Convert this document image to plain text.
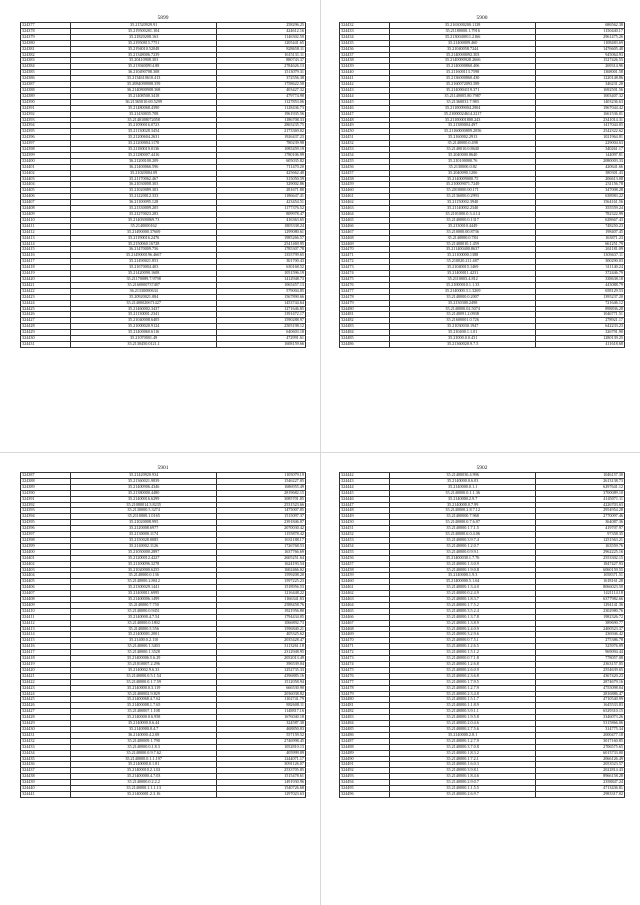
5899
324377	35.21520929.91	258296.25
324378	35.219500201.104	424612.16
324379	35.21820208.163	1146302.50
324380	35.21950815.7751	1205441.65
324381	35.2194010.52048	828658.11
324382	35.21348006.7239	1615131.11
324383	35.20410908.303	880743.37
324384	35.2139400914.88	2784626.13
324385	36.210490708.308	1513079.31
324386	35.2134610610.413	372556.38
324387	35.2084090908.359	1758622.50
324388	36.2140800908.368	403427.32
324389	35.21408500.3418	479774.98
324390	36.21365010.69.5299	1127853.06
324391	35.21480068.4390	1128436.73
324392	35.21430035.708	1961935.56
324393	35.2140108072058	1186708.33
324394	35.21090016.0723	2865235.75
324395	35.21130028.3454	2173369.02
324396	35.21200604.2631	1926437.23
324397	35.21200004.1170	780239.98
324398	35.21180019.0136	1085459.19
324399	35.21280007.4416	1780106.99
324400	36.21200100.209	605035.82
324401	36.21400066.596	711470.20
324402	35.21020004.09	425662.40
324403	35.21170062.467	315050.59
324404	36.21030008.303	329002.86
324405	35.21020089.303	281671.80
324406	35.21220012.333	1186647.41
324407	36.21100095.128	423454.51
324408	35.21330009.205	1177376.52
324409	35.21270023.283	809978.47
324410	35.2140300069.73	416363.65
324411	35.2140000162	1805338.24
324412	35.21490000.37669	1299080.61
324413	35.21190016.2476	1985266.57
324414	35.2150060.16728	2541469.95
324415	36.21470009.756	1785307.78
324416	35.2149000196.4667	1355799.65
324417	35.21490021.853	301700.43
324418	35.21670004.403	630168.52
324419	35.21420090.1608	1051596.19
324420	35.21170089.7.9798	1412948.73
324421	35.2160000737487	1065457.13
324422	36.21330000634	579004.85
324423	35.20920021.084	1567890.66
324424	35.21400020671427	1453744.64
324425	35.21460002.3437	1271646.85
324426	35.21130001.2341	1391472.17
324427	35.21040008.6405	1590288.97
324428	35.21000020.9124	2505198.12
324429	35.21400060.6116	640603.18
324430	35.21070001.49	472991.61
324431	35.2130450.0121.1	1608159.66
5900
324432	35.2163000200.1138	686562.38
324433	35.21180000.1.7916	1150440.17
324434	35.2130040011.2166	2961475.26
324435	35.21400009.460	1108483.69
324436	35.21040058.7244	1476605.48
324437	35.2140000092.303	945064.93
324438	35.2140090928.2666	1527426.55
324439	35.2140000860.406	269314.96
324440	35.211600113.7598	1368001.58
324441	35.2136000860.430	1220148.86
324442	35.2160072093.589	346231.20
324443	35.2140004119.371	1692501.56
324444	35.21140005.80.7987	1003407.32
324445	35.21360031.7.983	1403236.63
324446	35.2110009004.2904	1967044.42
324447	35.21000024614.2217	1661536.01
324448	35.21100001800.243	2341014.31
324449	35.21380004.497	1417044.05
324450	35.21160000809.2056	2542322.62
324451	35.2160002.2913	1021964.81
324452	35.2140000.0.498	229004.63
324453	35.2140010.0.8640	340261.17
324454	35.2040000.8640	144097.81
324455	35.210100000.76	2080003.33
324456	35.2130000.0.82	420641.66
324457	35.2040090.1206	380301.43
324458	35.2140009000.75	206613.08
324459	35.210009071.7249	231156.78
324460	35.2010000.00.171	347008.28
324461	35.2136000.0.2993	638983.22
324462	35.21150002.3940	1564161.56
324463	35.21140002.2340	355559.24
324464	35.2101000.0.3.4.14	782322.99
324465	35.2140000.0.1317	628667.43
324466	35.2130010.4449	748250.23
324467	35.210000.00.8736	198407.45
324468	35.2140000.0.784	163871.23
324469	35.21400010.1.459	661251.79
324470	35.211400400.8637	261181.09
324471	35.21100000.1388	1303637.11
324472	35.210020.211.487	300290.03
324473	35.21040015.1469	311140.24
324474	35.21400011.4231	372446.79
324475	35.2110003.4.812	338638.18
324476	35.21000010.1.1.33	443088.79
324477	35.2140000.3.1.3269	658129.53
324478	35.2140000.0.2007	1395237.20
324479	35.2130300.2498	721646.12
324480	35.2140000.02.5074	898836.28
324481	35.2140091.2.0938	1046771.51
324482	35.21600001.0.726	278921.17
324483	35.21030030.1947	642233.23
324484	35.210400.1.1.01	326791.90
324485	35.21000.0.0.431	1280139.25
324486	35.21360020.9.7.5	411618.68
5901
324387	35.21420920.934	1105079.19
324388	35.21360021.9839	1546227.05
324389	35.21400906.4346	1686955.49
324390	35.21380000.4480	2819682.15
324391	35.21400016.6299	3085701.85
324392	35.21080014.3.8235	2531523.66
324393	35.2130000.5.3274	1475007.85
324394	35.2110000.1.0165	1515097.37
324395	35.21020008.995	2391846.07
324396	35.2120008.6977	2070030.42
324397	35.2130000.1174	1155878.42
324398	35.2150028.0085	1631188.17
324399	35.2140002.1126	1726768.53
324400	35.21050000.2897	1637766.69
324401	35.21200012.4227	2605251.64
324402	35.21100096.3278	1624193.54
324403	35.21020000.6255	1602466.02
324404	35.2140000.0.136	1599208.20
324405	35.2140000.2.8612	1597225.23
324406	35.21300029.1441	1518956.53
324407	35.21400011.6995	1216448.22
324408	35.21400006.1499	1166341.83
324409	35.2140000.7.750	2588458.76
324410	35.2140000.0.9451	1921956.80
324411	35.2140000.4.7.54	1794434.05
324412	35.2140000.0.1802	1066892.73
324413	35.2140000.5.556	1596840.21
324414	35.21400001.2001	405325.62
324415	35.21400.0.2.110	2035428.47
324416	35.2140000.1.3403	3113261.18
324417	35.2140000.1.3528	2312948.95
324418	35.21400006.5.6.29	2052013.49
324419	35.21010007.2.296	396539.04
324420	35.2140002.9.6.33	1252735.33
324421	35.2140000.0.5.1.54	4396885.16
324422	35.2140000.0.1.7.59	1512058.94
324423	35.2140000.0.3.119	666530.90
324424	35.21400002.9.829	2036038.82
324425	35.21400068.4.7.62	1102741.79
324426	35.21400008.1.7.65	882608.11
324427	35.21400007.1.108	1148817.16
324428	35.2140000.0.6.958	1676040.18
324429	35.2140000.0.6.44	324587.30
324430	35.2140000.0.4.7	468850.03
324431	36.2140000.4.2.08	557159.52
324432	35.21400009.1.790	2746998.45
324433	35.2140000.0.1.8.3	1052810.13
324434	35.2140000.0.9.7.62	405999.09
324435	35.2140000.0.1.1.197	1244071.17
324436	35.2140000.0.1.81	3091126.07
324437	35.21400010.2.1.02	2533705.85
324438	35.21400000.4.7.03	1515478.61
324439	35.2140000.0.2.2.2	1491930.96
324440	35.2140000.1.1.1.13	1540726.68
324441	35.21400001.2.3.16	1297023.63
5902
324442	35.21400030.4.996	1046157.30
324443	35.2140000.0.6.03	2613138.73
324444	35.2140000.0.1.1	6297641.12
324445	35.2140000.0.1.1.36	3700089.10
324446	35.2140000.2.9.7	4145071.11
324447	35.2140000.0.7.99	4226703.63
324448	35.2140000.2.8.7.12	2954954.28
324449	35.21400000.7.968	2770097.46
324450	35.2140000.0.7.6.07	364087.36
324451	35.2140000.1.7.1.5	419707.97
324452	35.2140000.6.0.4.06	97358.35
324453	35.2140000.3.9.7.4	1251563.21
324454	35.2140000.1.2.0.7	163559.76
324455	35.2140000.0.9.9.1	2962225.16
324456	35.21400030.1.7.76	2553302.15
324457	35.2140000.1.3.0.9	1847427.93
324458	35.2140000.1.9.0.8	6060159.55
324459	35.2140000.1.9.3	1058371.51
324460	35.21400000.5.1.64	1618161.28
324461	35.2140000.1.3.4.0	8066023.50
324462	35.2140000.0.2.4.9	1421114.18
324463	35.2140000.1.8.3.7	6377982.66
324464	35.2140000.1.7.5.2	1294141.36
324465	35.2140000.3.5.2.4	2302980.76
324466	35.2140000.1.3.7.8	1982326.72
324467	35.2140000.1.3.8.9	389690.77
324468	35.2140000.2.4.0.9	2400523.37
324469	35.2140000.3.2.9.6	236946.42
324470	35.2140000.0.7.5.1	275386.78
324471	35.2140000.1.2.6.5	325976.09
324472	35.2140000.1.5.1.2	969094.44
324473	35.2140000.0.7.1.8	778057.08
324474	35.2140000.1.2.6.8	2363157.05
324475	35.2140000.2.6.0.9	2554639.65
324476	35.2140000.2.3.6.8	4367420.23
324477	35.2140000.1.7.9.5	2874679.16
324478	35.2140000.1.2.7.9	4755098.04
324479	35.2140000.2.3.4.8	2816886.47
324480	35.2140000.1.5.1.7	4710540.99
324481	35.2140000.1.1.8.9	1645533.83
324482	35.2140000.3.9.1.1	6529310.15
324483	35.2140000.1.9.5.8	3346073.26
324484	35.2140000.2.0.4.6	5315866.06
324485	35.2140000.2.7.5.6	314775.34
324486	35.2140000.2.8.1	2000477.18
324487	35.2140000.1.2.7.9	3017160.85
324488	35.2140000.3.7.0.8	2706575.65
324489	35.2140000.1.8.3.2	6015733.00
324490	35.2140000.1.7.2.1	2066126.49
324491	35.2140000.1.6.0.3	2053523.57
324492	35.2140000.3.9.8.1	2022814.43
324493	35.2140000.1.8.4.6	8966158.28
324494	35.2140000.2.9.0.7	2358847.24
324495	35.2140000.1.1.5.5	4713436.81
324496	35.2140000.2.6.9.7	2983317.02
